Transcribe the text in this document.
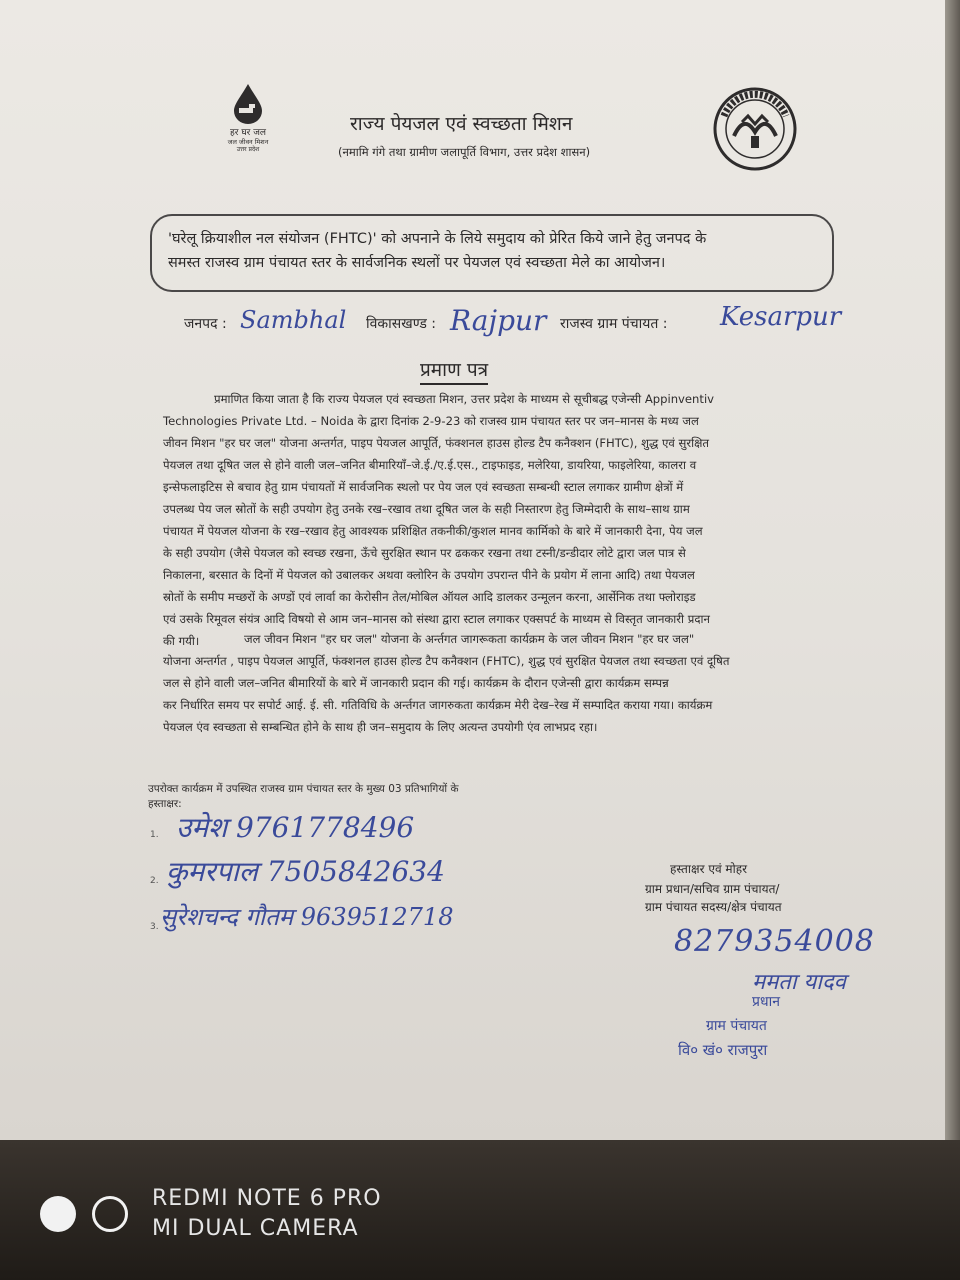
हर घर जल
जल जीवन मिशन
उत्तर प्रदेश
राज्य पेयजल एवं स्वच्छता मिशन
(नमामि गंगे तथा ग्रामीण जलापूर्ति विभाग, उत्तर प्रदेश शासन)
'घरेलू क्रियाशील नल संयोजन (FHTC)' को अपनाने के लिये समुदाय को प्रेरित किये जाने हेतु जनपद के
समस्त राजस्व ग्राम पंचायत स्तर के सार्वजनिक स्थलों पर पेयजल एवं स्वच्छता मेले का आयोजन।
जनपद : Sambhal विकासखण्ड : Rajpur राजस्व ग्राम पंचायत : Kesarpur
प्रमाण पत्र
प्रमाणित किया जाता है कि राज्य पेयजल एवं स्वच्छता मिशन, उत्तर प्रदेश के माध्यम से सूचीबद्ध एजेन्सी Appinventiv
Technologies Private Ltd. – Noida के द्वारा दिनांक 2-9-23 को राजस्व ग्राम पंचायत स्तर पर जन–मानस के मध्य जल
जीवन मिशन "हर घर जल" योजना अन्तर्गत, पाइप पेयजल आपूर्ति, फंक्शनल हाउस होल्ड टैप कनैक्शन (FHTC), शुद्ध एवं सुरक्षित
पेयजल तथा दूषित जल से होने वाली जल–जनित बीमारियाँ–जे.ई./ए.ई.एस., टाइफाइड, मलेरिया, डायरिया, फाइलेरिया, कालरा व
इन्सेफलाइटिस से बचाव हेतु ग्राम पंचायतों में सार्वजनिक स्थलो पर पेय जल एवं स्वच्छता सम्बन्धी स्टाल लगाकर ग्रामीण क्षेत्रों में
उपलब्ध पेय जल स्रोतों के सही उपयोग हेतु उनके रख–रखाव तथा दूषित जल के सही निस्तारण हेतु जिम्मेदारी के साथ–साथ ग्राम
पंचायत में पेयजल योजना के रख–रखाव हेतु आवश्यक प्रशिक्षित तकनीकी/कुशल मानव कार्मिको के बारे में जानकारी देना, पेय जल
के सही उपयोग (जैसे पेयजल को स्वच्छ रखना, ऊँचे सुरक्षित स्थान पर ढककर रखना तथा टस्नी/डन्डीदार लोटे द्वारा जल पात्र से
निकालना, बरसात के दिनों में पेयजल को उबालकर अथवा क्लोरिन के उपयोग उपरान्त पीने के प्रयोग में लाना आदि) तथा पेयजल
स्रोतों के समीप मच्छरों के अण्डों एवं लार्वा का केरोसीन तेल/मोबिल ऑयल आदि डालकर उन्मूलन करना, आर्सेनिक तथा फ्लोराइड
एवं उसके रिमूवल संयंत्र आदि विषयो से आम जन–मानस को संस्था द्वारा स्टाल लगाकर एक्सपर्ट के माध्यम से विस्तृत जानकारी प्रदान
की गयी।	जल जीवन मिशन "हर घर जल" योजना के अर्न्तगत जागरूकता कार्यक्रम के जल जीवन मिशन "हर घर जल"
योजना अन्तर्गत , पाइप पेयजल आपूर्ति, फंक्शनल हाउस होल्ड टैप कनैक्शन (FHTC), शुद्ध एवं सुरक्षित पेयजल तथा स्वच्छता एवं दूषित
जल से होने वाली जल–जनित बीमारियों के बारे में जानकारी प्रदान की गई। कार्यक्रम के दौरान एजेन्सी द्वारा कार्यक्रम सम्पन्न
कर निर्धारित समय पर सपोर्ट आई. ई. सी. गतिविधि के अर्न्तगत जागरुकता कार्यक्रम मेरी देख–रेख में सम्पादित कराया गया। कार्यक्रम
पेयजल एंव स्वच्छता से सम्बन्धित होने के साथ ही जन–समुदाय के लिए अत्यन्त उपयोगी एंव लाभप्रद रहा।
उपरोक्त कार्यक्रम में उपस्थित राजस्व ग्राम पंचायत स्तर के मुख्य 03 प्रतिभागियों के
हस्ताक्षर:
1. उमेश 9761778496
2. कुमरपाल 7505842634
3. सुरेशचन्द गौतम 9639512718
हस्ताक्षर एवं मोहर
ग्राम प्रधान/सचिव ग्राम पंचायत/
ग्राम पंचायत सदस्य/क्षेत्र पंचायत
8279354008
ममता यादव
प्रधान
ग्राम पंचायत
वि० खं० राजपुरा
REDMI NOTE 6 PRO
MI DUAL CAMERA
